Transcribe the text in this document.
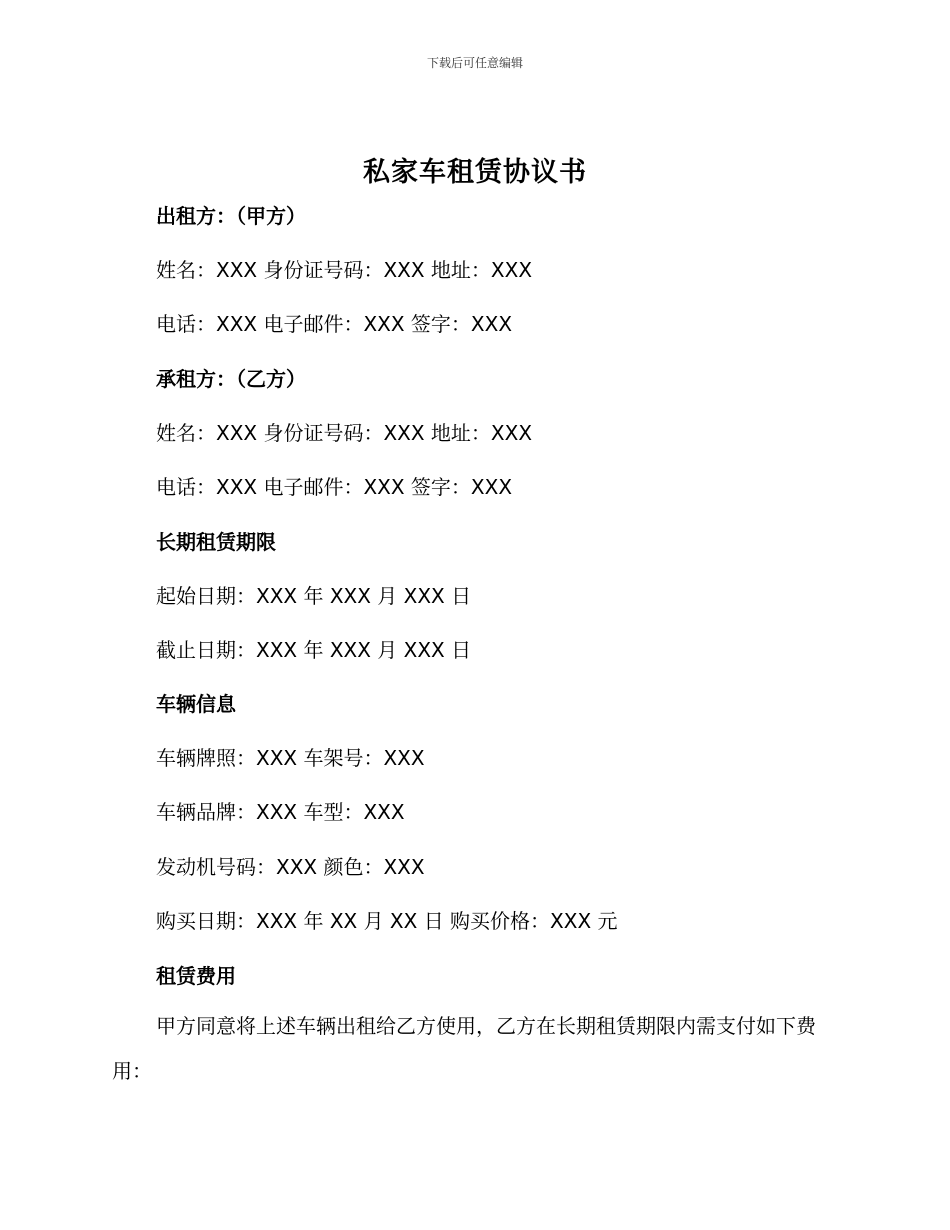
下载后可任意编辑
私家车租赁协议书
出租方：（甲方）
姓名：XXX 身份证号码：XXX 地址：XXX
电话：XXX 电子邮件：XXX 签字：XXX
承租方：（乙方）
姓名：XXX 身份证号码：XXX 地址：XXX
电话：XXX 电子邮件：XXX 签字：XXX
长期租赁期限
起始日期：XXX 年 XXX 月 XXX 日
截止日期：XXX 年 XXX 月 XXX 日
车辆信息
车辆牌照：XXX 车架号：XXX
车辆品牌：XXX 车型：XXX
发动机号码：XXX 颜色：XXX
购买日期：XXX 年 XX 月 XX 日 购买价格：XXX 元
租赁费用
甲方同意将上述车辆出租给乙方使用，乙方在长期租赁期限内需支付如下费用：
